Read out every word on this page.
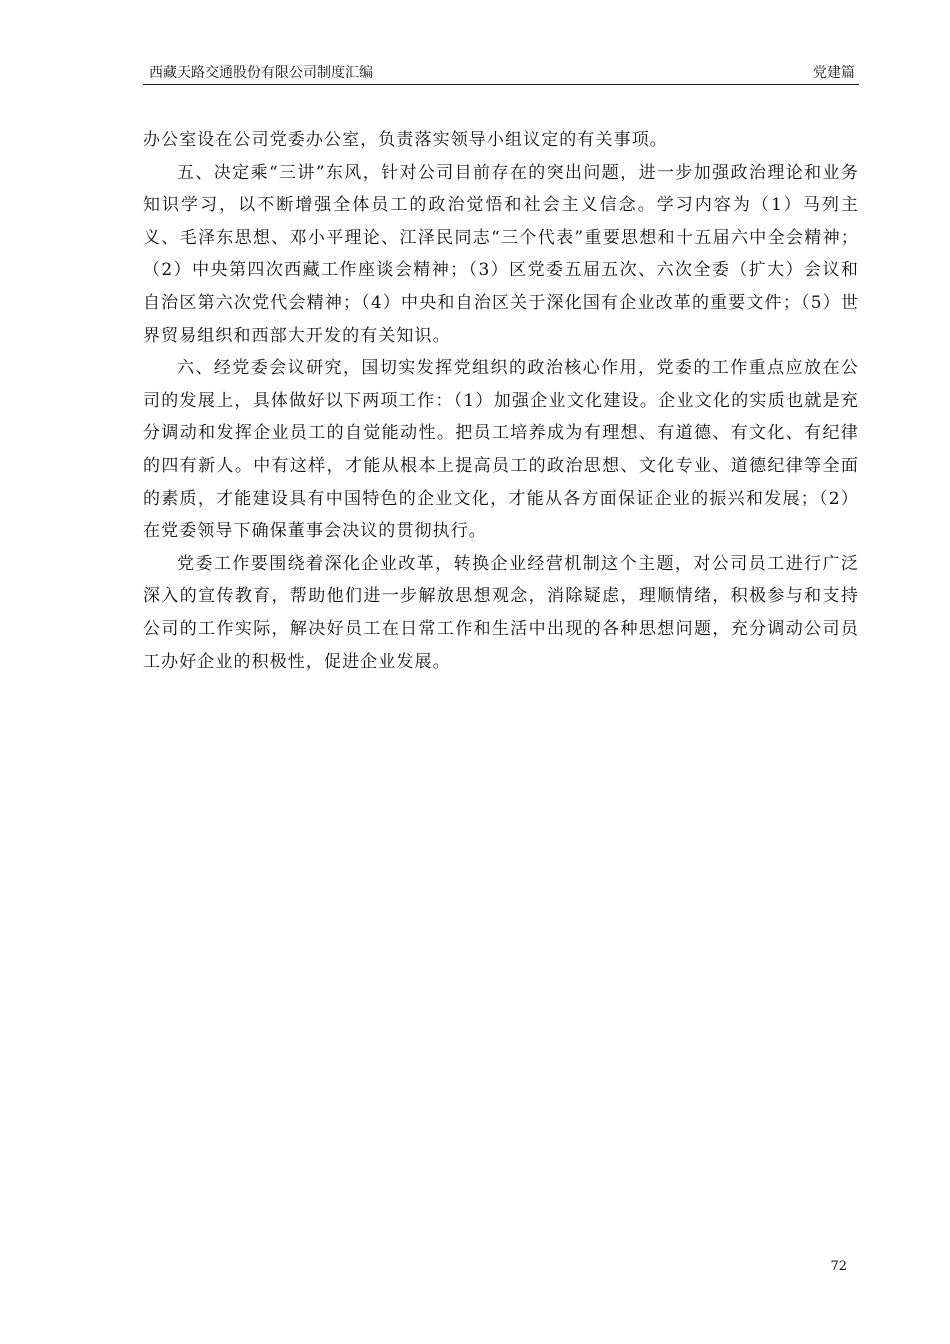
西藏天路交通股份有限公司制度汇编	党建篇

办公室设在公司党委办公室，负责落实领导小组议定的有关事项。

五、决定乘“三讲”东风，针对公司目前存在的突出问题，进一步加强政治理论和业务知识学习，以不断增强全体员工的政治觉悟和社会主义信念。学习内容为（1）马列主义、毛泽东思想、邓小平理论、江泽民同志“三个代表”重要思想和十五届六中全会精神；（2）中央第四次西藏工作座谈会精神；（3）区党委五届五次、六次全委（扩大）会议和自治区第六次党代会精神；（4）中央和自治区关于深化国有企业改革的重要文件；（5）世界贸易组织和西部大开发的有关知识。

六、经党委会议研究，国切实发挥党组织的政治核心作用，党委的工作重点应放在公司的发展上，具体做好以下两项工作：（1）加强企业文化建设。企业文化的实质也就是充分调动和发挥企业员工的自觉能动性。把员工培养成为有理想、有道德、有文化、有纪律的四有新人。中有这样，才能从根本上提高员工的政治思想、文化专业、道德纪律等全面的素质，才能建设具有中国特色的企业文化，才能从各方面保证企业的振兴和发展；（2）在党委领导下确保董事会决议的贯彻执行。

党委工作要围绕着深化企业改革，转换企业经营机制这个主题，对公司员工进行广泛深入的宣传教育，帮助他们进一步解放思想观念，消除疑虑，理顺情绪，积极参与和支持公司的工作实际，解决好员工在日常工作和生活中出现的各种思想问题，充分调动公司员工办好企业的积极性，促进企业发展。

72
